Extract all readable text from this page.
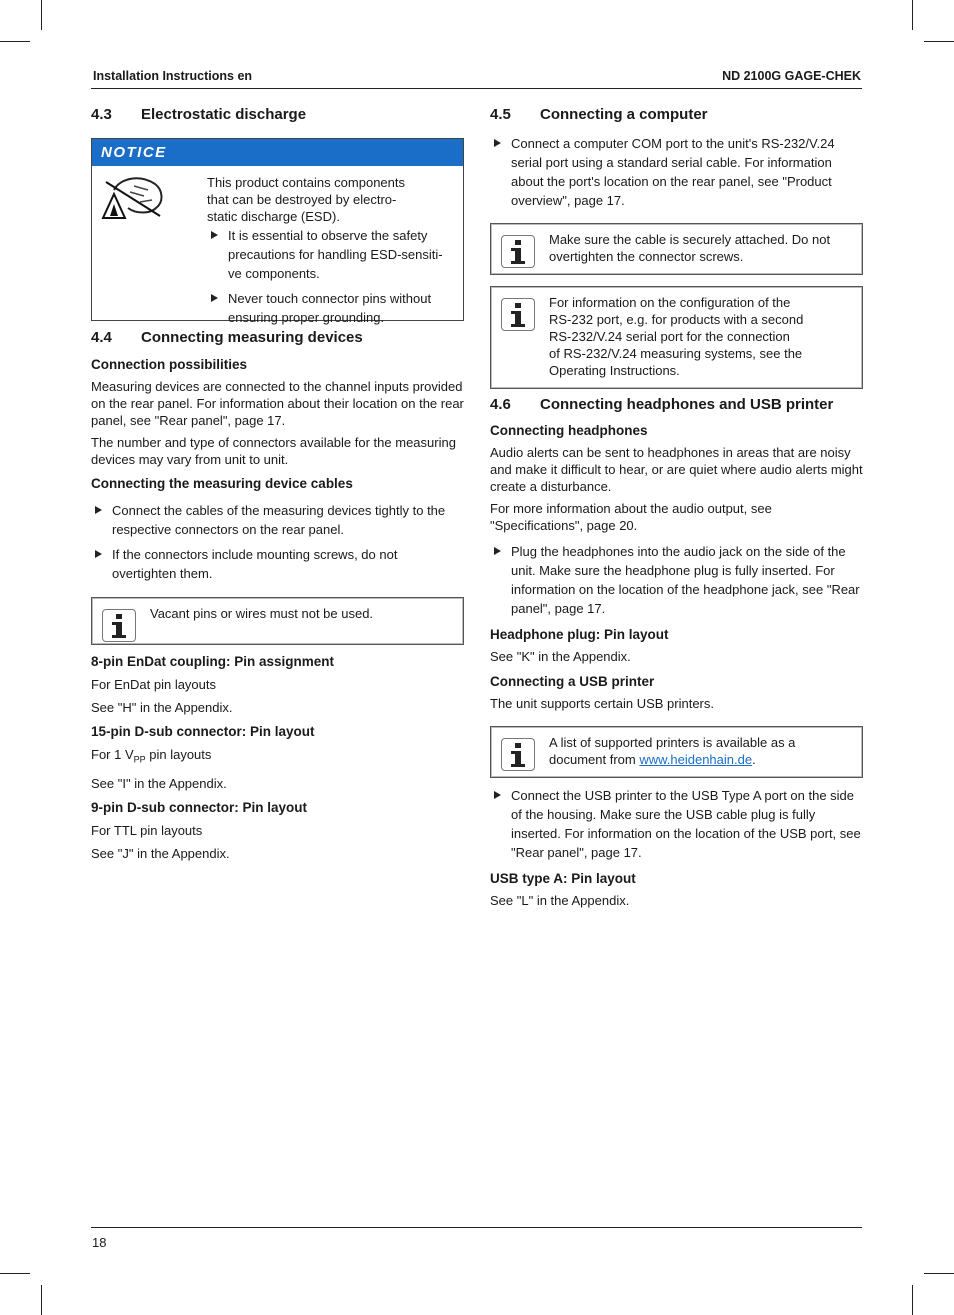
Installation Instructions en	ND 2100G GAGE-CHEK
4.3 Electrostatic discharge
NOTICE
This product contains components
that can be destroyed by electro-
static discharge (ESD).

It is essential to observe the safety precautions for handling ESD-sensiti-ve components.

Never touch connector pins without ensuring proper grounding.

4.4 Connecting measuring devices
Connection possibilities

Measuring devices are connected to the channel inputs provided on the rear panel. For information about their location on the rear panel, see "Rear panel", page 17.

The number and type of connectors available for the measuring devices may vary from unit to unit.

Connecting the measuring device cables

Connect the cables of the measuring devices tightly to the respective connectors on the rear panel.

If the connectors include mounting screws, do not overtighten them.

Vacant pins or wires must not be used.

8-pin EnDat coupling: Pin assignment

For EnDat pin layouts

See "H" in the Appendix.

15-pin D-sub connector: Pin layout

For 1 $V_{PP}$ pin layouts

See "I" in the Appendix.

9-pin D-sub connector: Pin layout

For TTL pin layouts

See "J" in the Appendix.

4.5 Connecting a computer

Connect a computer COM port to the unit's RS-232/V.24 serial port using a standard serial cable. For information about the port's location on the rear panel, see "Product overview", page 17.

Make sure the cable is securely attached. Do not overtighten the connector screws.

For information on the configuration of the
RS-232 port, e.g. for products with a second
RS-232/V.24 serial port for the connection
of RS-232/V.24 measuring systems, see the
Operating Instructions.
4.6 Connecting headphones and USB printer
Connecting headphones

Audio alerts can be sent to headphones in areas that are noisy and make it difficult to hear, or are quiet where audio alerts might create a disturbance.

For more information about the audio output, see "Specifications", page 20.

Plug the headphones into the audio jack on the side of the unit. Make sure the headphone plug is fully inserted. For information on the location of the headphone jack, see "Rear panel", page 17.

Headphone plug: Pin layout

See "K" in the Appendix.

Connecting a USB printer

The unit supports certain USB printers.

A list of supported printers is available as a document from www.heidenhain.de.

Connect the USB printer to the USB Type A port on the side of the housing. Make sure the USB cable plug is fully inserted. For information on the location of the USB port, see "Rear panel", page 17.

USB type A: Pin layout

See "L" in the Appendix.

18
